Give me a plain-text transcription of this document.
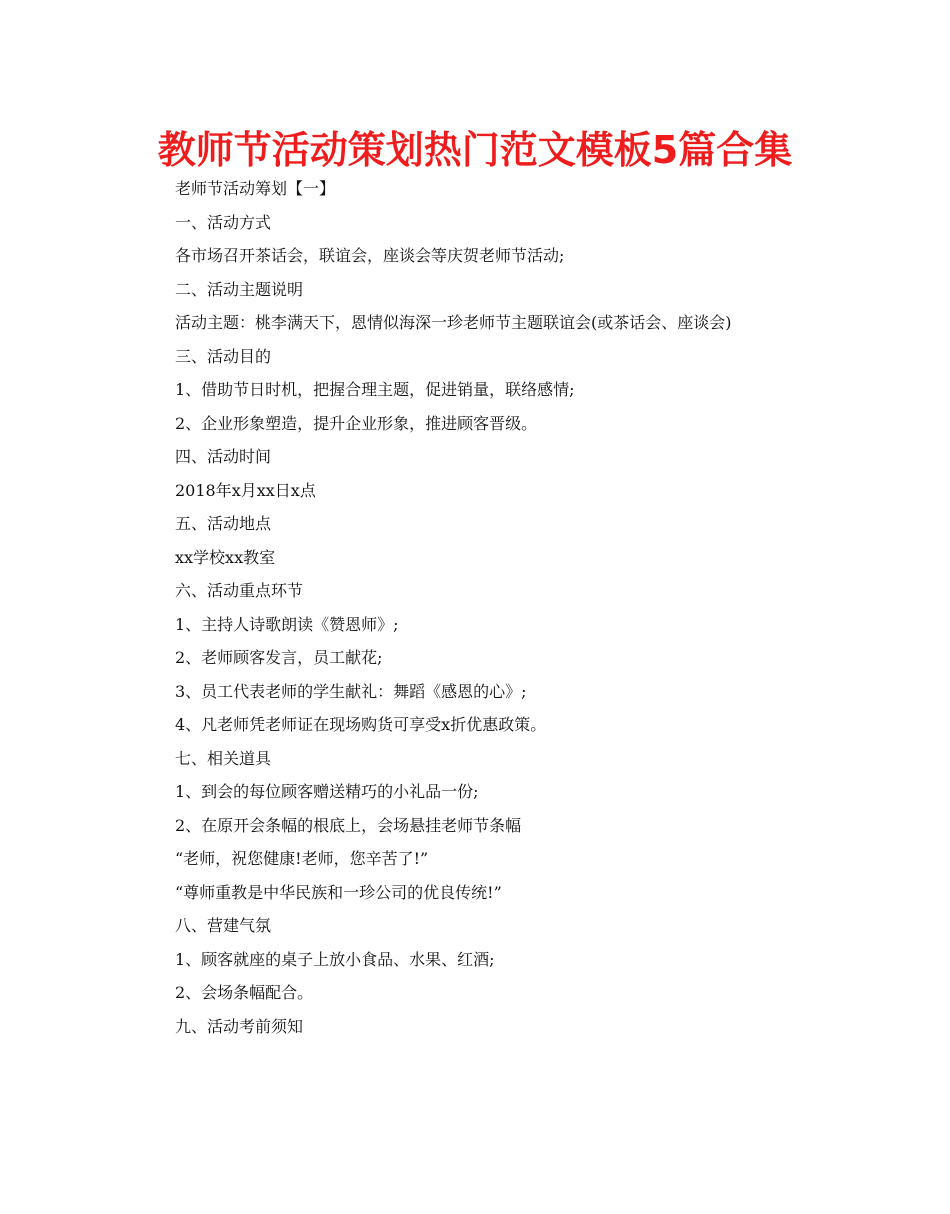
教师节活动策划热门范文模板5篇合集

老师节活动筹划【一】

一、活动方式

各市场召开茶话会，联谊会，座谈会等庆贺老师节活动;

二、活动主题说明

活动主题：桃李满天下，恩情似海深一珍老师节主题联谊会(或茶话会、座谈会)

三、活动目的

1、借助节日时机，把握合理主题，促进销量，联络感情;

2、企业形象塑造，提升企业形象，推进顾客晋级。

四、活动时间

2018年x月xx日x点

五、活动地点

xx学校xx教室

六、活动重点环节

1、主持人诗歌朗读《赞恩师》;

2、老师顾客发言，员工献花;

3、员工代表老师的学生献礼：舞蹈《感恩的心》;

4、凡老师凭老师证在现场购货可享受x折优惠政策。

七、相关道具

1、到会的每位顾客赠送精巧的小礼品一份;

2、在原开会条幅的根底上，会场悬挂老师节条幅

“老师，祝您健康!老师，您辛苦了!”

“尊师重教是中华民族和一珍公司的优良传统!”

八、营建气氛

1、顾客就座的桌子上放小食品、水果、红酒;

2、会场条幅配合。

九、活动考前须知
